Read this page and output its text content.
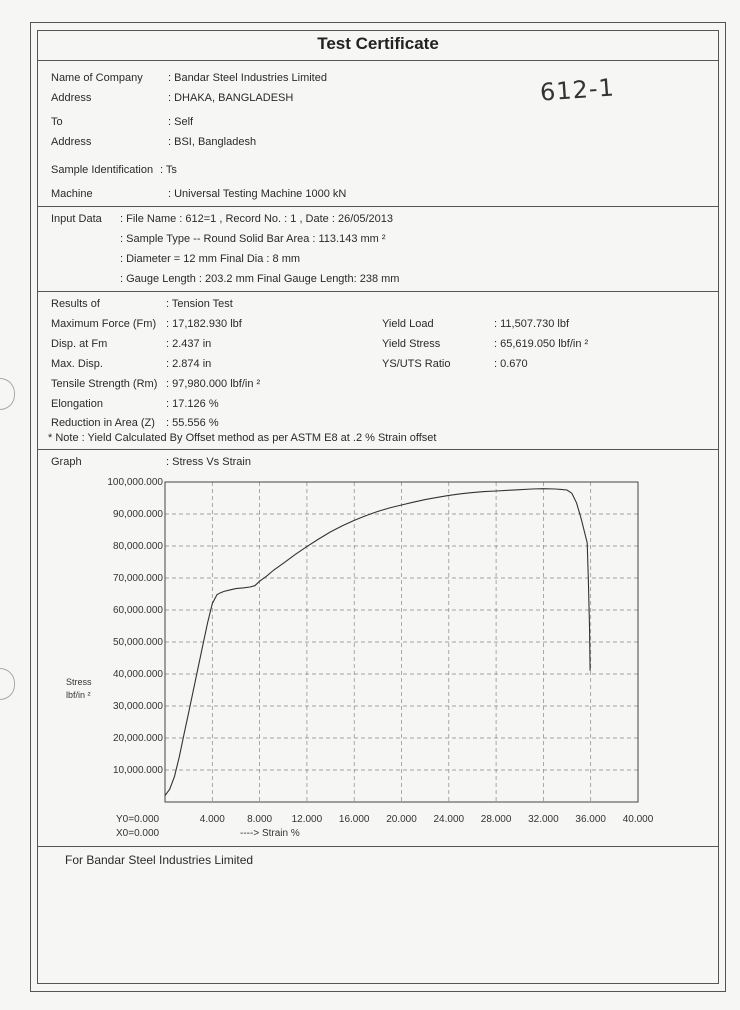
Test Certificate
612-1
Name of Company : Bandar Steel Industries Limited
Address	: DHAKA, BANGLADESH
To	: Self
Address	: BSI, Bangladesh
Sample Identification : Ts
Machine	: Universal Testing Machine 1000 kN
Input Data : File Name : 612=1 , Record No. : 1 , Date : 26/05/2013
: Sample Type -- Round Solid Bar Area : 113.143 mm ²
: Diameter = 12 mm Final Dia : 8 mm
: Gauge Length : 203.2 mm Final Gauge Length: 238 mm
Results of	: Tension Test
Maximum Force (Fm) : 17,182.930 lbf
Disp. at Fm	: 2.437 in
Max. Disp.	: 2.874 in
Tensile Strength (Rm) : 97,980.000 lbf/in ²
Elongation	: 17.126 %
Reduction in Area (Z) : 55.556 %
* Note : Yield Calculated By Offset method as per ASTM E8 at .2 % Strain offset
Yield Load	: 11,507.730 lbf
Yield Stress	: 65,619.050 lbf/in ²
YS/UTS Ratio	: 0.670
Graph	: Stress Vs Strain
100,000.000
90,000.000
80,000.000
70,000.000
60,000.000
50,000.000
40,000.000
30,000.000
20,000.000
10,000.000
4.000 8.000 12.000 16.000 20.000 24.000 28.000 32.000 36.000 40.000
Stress
lbf/in ²
Y0=0.000
X0=0.000	----> Strain %
For Bandar Steel Industries Limited
